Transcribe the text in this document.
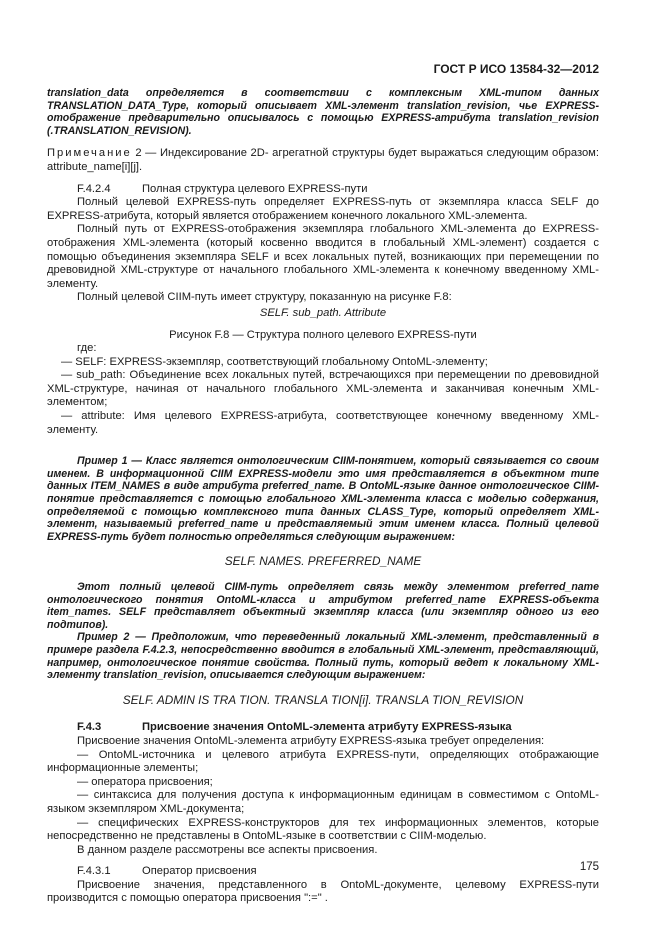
ГОСТ Р ИСО 13584-32—2012

translation_data определяется в соответствии с комплексным XML-типом данных TRANSLATION_DATA_Type, который описывает XML-элемент translation_revision, чье EXPRESS-отображение предварительно описывалось с помощью EXPRESS-атрибута translation_revision (.TRANSLATION_REVISION).

Примечание 2 — Индексирование 2D- агрегатной структуры будет выражаться следующим образом: attribute_name[i][j].

F.4.2.4	Полная структура целевого EXPRESS-пути

Полный целевой EXPRESS-путь определяет EXPRESS-путь от экземпляра класса SELF до EXPRESS-атрибута, который является отображением конечного локального XML-элемента.

Полный путь от EXPRESS-отображения экземпляра глобального XML-элемента до EXPRESS-отображения XML-элемента (который косвенно вводится в глобальный XML-элемент) создается с помощью объединения экземпляра SELF и всех локальных путей, возникающих при перемещении по древовидной XML-структуре от начального глобального XML-элемента к конечному введенному XML-элементу.

Полный целевой CIIM-путь имеет структуру, показанную на рисунке F.8:

SELF. sub_path. Attribute

Рисунок F.8 — Структура полного целевого EXPRESS-пути

где:

— SELF: EXPRESS-экземпляр, соответствующий глобальному OntoML-элементу;

— sub_path: Объединение всех локальных путей, встречающихся при перемещении по древовидной XML-структуре, начиная от начального глобального XML-элемента и заканчивая конечным XML-элементом;

— attribute: Имя целевого EXPRESS-атрибута, соответствующее конечному введенному XML-элементу.

Пример 1 — Класс является онтологическим CIIM-понятием, который связывается со своим именем. В информационной CIIM EXPRESS-модели это имя представляется в объектном типе данных ITEM_NAMES в виде атрибута preferred_name. В OntoML-языке данное онтологическое CIIM-понятие представляется с помощью глобального XML-элемента класса с моделью содержания, определяемой с помощью комплексного типа данных CLASS_Type, который определяет XML-элемент, называемый preferred_name и представляемый этим именем класса. Полный целевой EXPRESS-путь будет полностью определяться следующим выражением:

SELF. NAMES. PREFERRED_NAME

Этот полный целевой CIIM-путь определяет связь между элементом preferred_name онтологического понятия OntoML-класса и атрибутом preferred_name EXPRESS-объекта item_names. SELF представляет объектный экземпляр класса (или экземпляр одного из его подтипов).

Пример 2 — Предположим, что переведенный локальный XML-элемент, представленный в примере раздела F.4.2.3, непосредственно вводится в глобальный XML-элемент, представляющий, например, онтологическое понятие свойства. Полный путь, который ведет к локальному XML-элементу translation_revision, описывается следующим выражением:

SELF. ADMIN IS TRA TION. TRANSLA TION[i]. TRANSLA TION_REVISION

F.4.3	Присвоение значения OntoML-элемента атрибуту EXPRESS-языка

Присвоение значения OntoML-элемента атрибуту EXPRESS-языка требует определения:

— OntoML-источника и целевого атрибута EXPRESS-пути, определяющих отображающие информационные элементы;

— оператора присвоения;

— синтаксиса для получения доступа к информационным единицам в совместимом с OntoML-языком экземпляром XML-документа;

— специфических EXPRESS-конструкторов для тех информационных элементов, которые непосредственно не представлены в OntoML-языке в соответствии с CIIM-моделью.

В данном разделе рассмотрены все аспекты присвоения.

F.4.3.1	Оператор присвоения

Присвоение значения, представленного в OntoML-документе, целевому EXPRESS-пути производится с помощью оператора присвоения ":=" .

175
